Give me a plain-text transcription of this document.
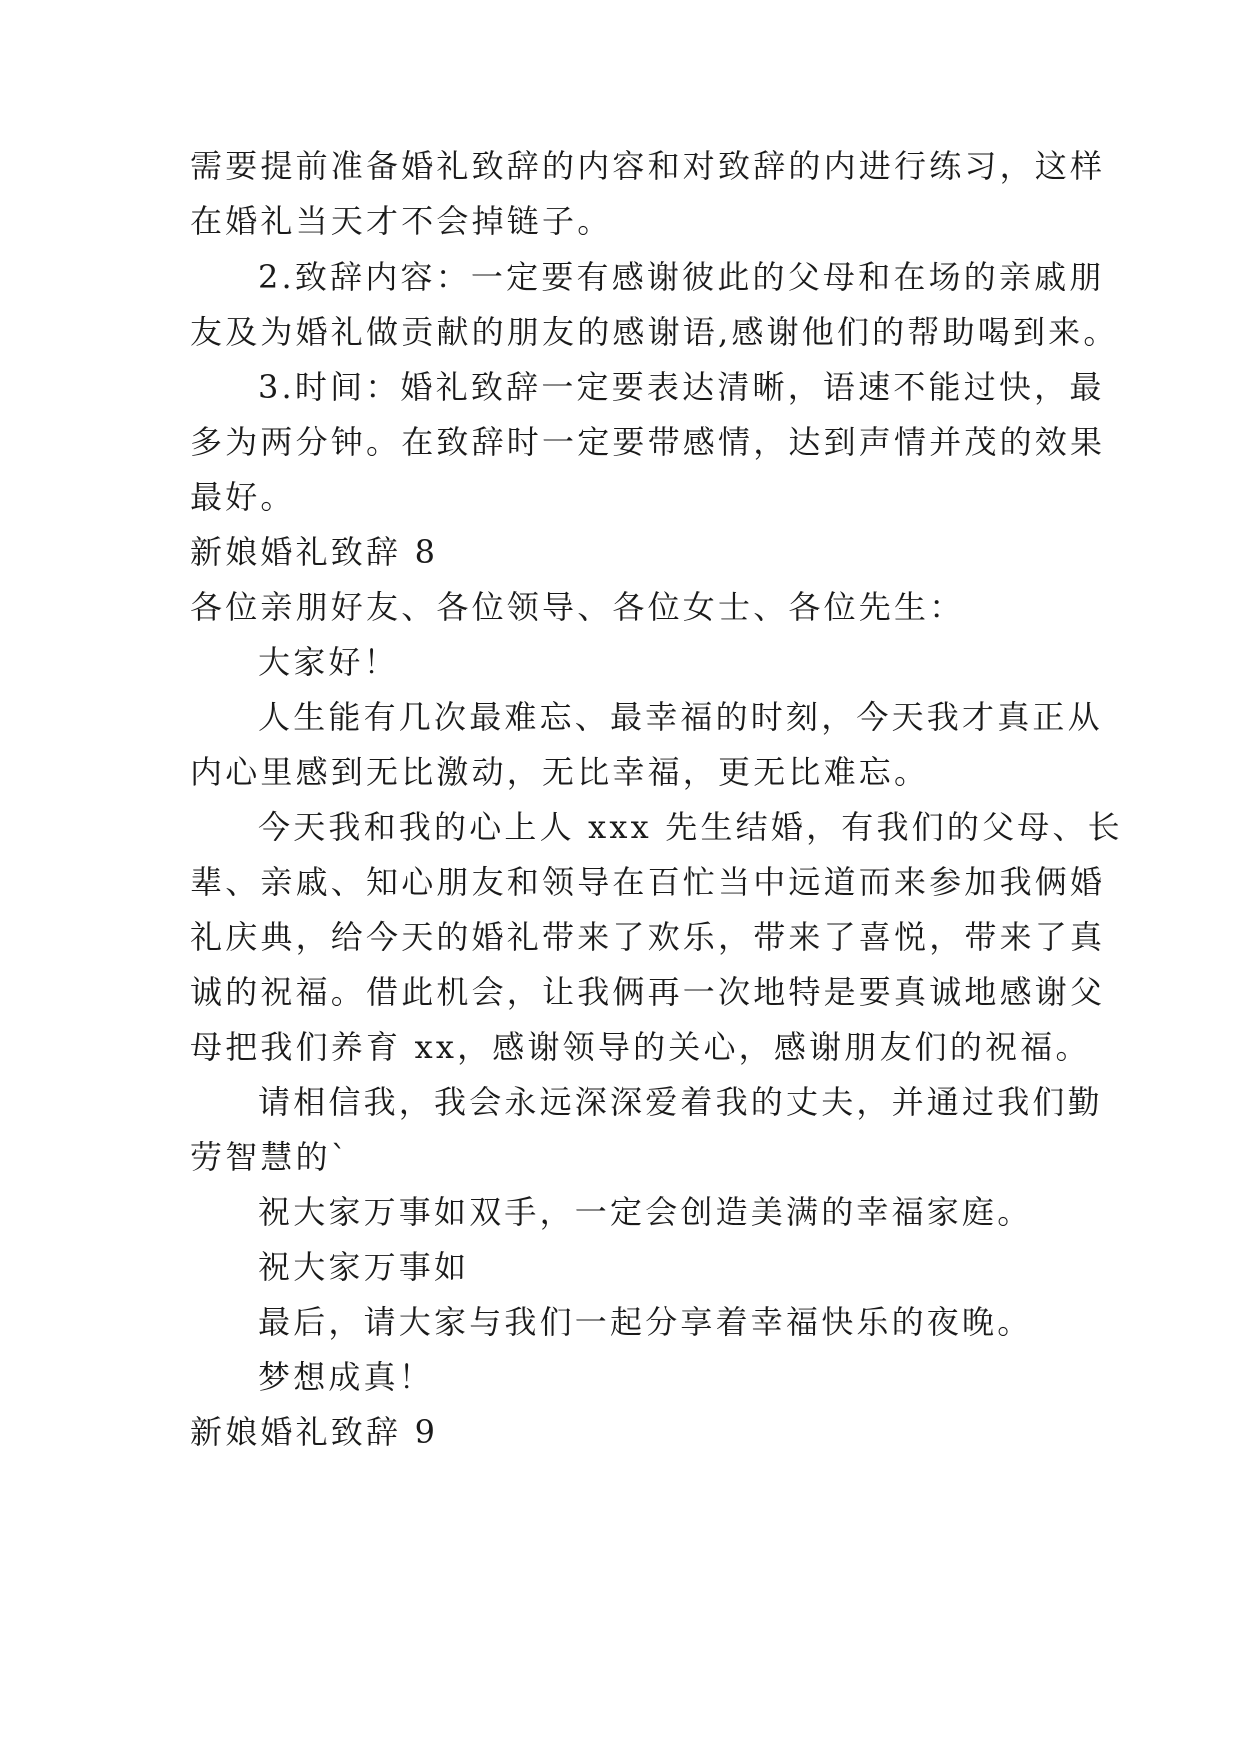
需要提前准备婚礼致辞的内容和对致辞的内进行练习，这样
在婚礼当天才不会掉链子。
2.致辞内容：一定要有感谢彼此的父母和在场的亲戚朋
友及为婚礼做贡献的朋友的感谢语,感谢他们的帮助喝到来。
3.时间：婚礼致辞一定要表达清晰，语速不能过快，最
多为两分钟。在致辞时一定要带感情，达到声情并茂的效果
最好。
新娘婚礼致辞 8
各位亲朋好友、各位领导、各位女士、各位先生：
大家好！
人生能有几次最难忘、最幸福的时刻，今天我才真正从
内心里感到无比激动，无比幸福，更无比难忘。
今天我和我的心上人 xxx 先生结婚，有我们的父母、长
辈、亲戚、知心朋友和领导在百忙当中远道而来参加我俩婚
礼庆典，给今天的婚礼带来了欢乐，带来了喜悦，带来了真
诚的祝福。借此机会，让我俩再一次地特是要真诚地感谢父
母把我们养育 xx，感谢领导的关心，感谢朋友们的祝福。
请相信我，我会永远深深爱着我的丈夫，并通过我们勤
劳智慧的`
祝大家万事如双手，一定会创造美满的幸福家庭。
祝大家万事如
最后，请大家与我们一起分享着幸福快乐的夜晚。
梦想成真！
新娘婚礼致辞 9
